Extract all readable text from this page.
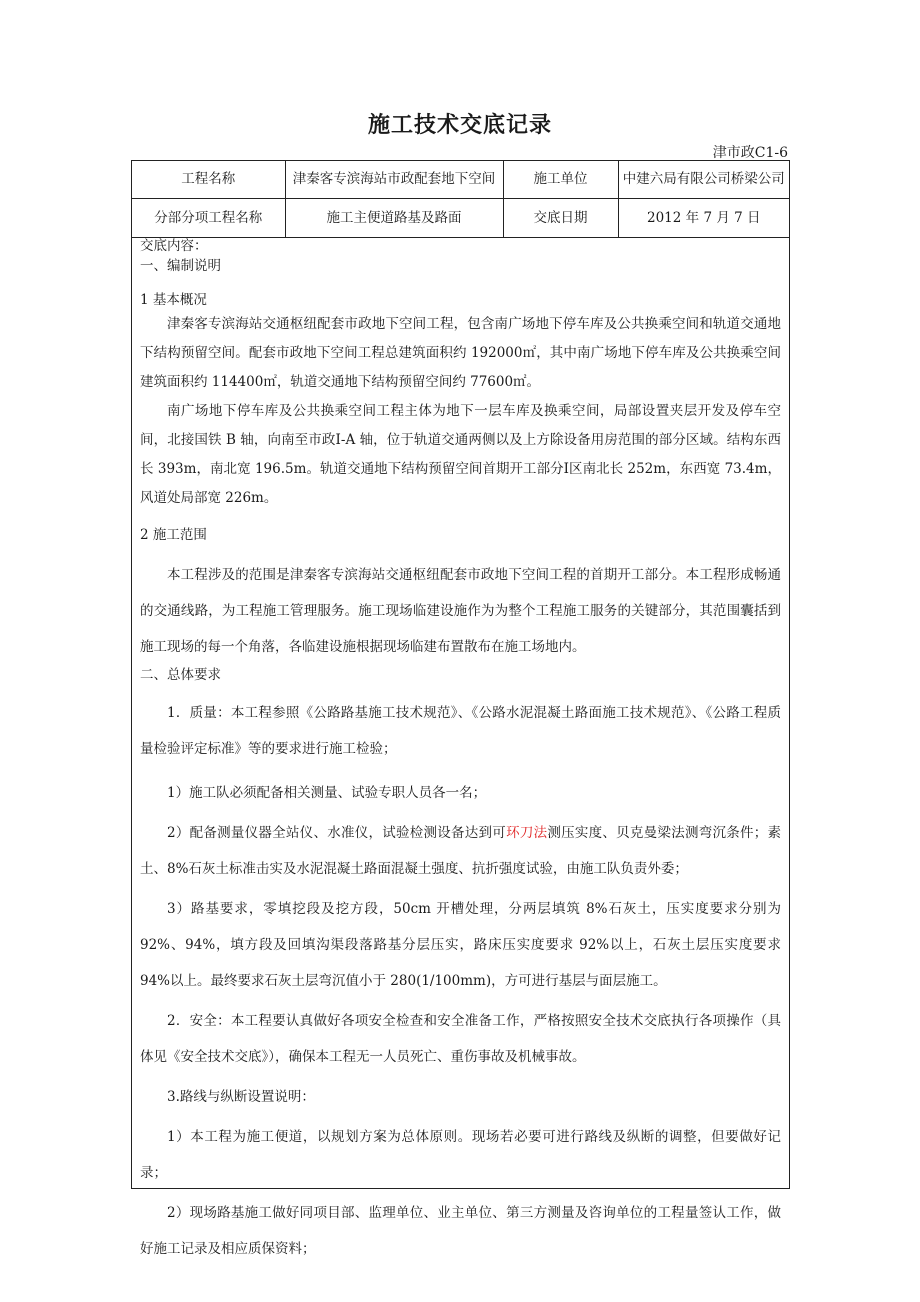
施工技术交底记录
津市政C1-6
工程名称	津秦客专滨海站市政配套地下空间	施工单位	中建六局有限公司桥梁公司
分部分项工程名称	施工主便道路基及路面	交底日期	2012 年 7 月 7 日

交底内容：

一、编制说明

1 基本概况

津秦客专滨海站交通枢纽配套市政地下空间工程，包含南广场地下停车库及公共换乘空间和轨道交通地下结构预留空间。配套市政地下空间工程总建筑面积约 192000㎡，其中南广场地下停车库及公共换乘空间建筑面积约 114400㎡，轨道交通地下结构预留空间约 77600㎡。

南广场地下停车库及公共换乘空间工程主体为地下一层车库及换乘空间，局部设置夹层开发及停车空间，北接国铁 B 轴，向南至市政Ⅰ-A 轴，位于轨道交通两侧以及上方除设备用房范围的部分区域。结构东西长 393m，南北宽 196.5m。轨道交通地下结构预留空间首期开工部分Ⅰ区南北长 252m，东西宽 73.4m，风道处局部宽 226m。

2 施工范围

本工程涉及的范围是津秦客专滨海站交通枢纽配套市政地下空间工程的首期开工部分。本工程形成畅通的交通线路，为工程施工管理服务。施工现场临建设施作为为整个工程施工服务的关键部分，其范围囊括到施工现场的每一个角落，各临建设施根据现场临建布置散布在施工场地内。

二、总体要求

1．质量：本工程参照《公路路基施工技术规范》、《公路水泥混凝土路面施工技术规范》、《公路工程质量检验评定标准》等的要求进行施工检验；

1）施工队必须配备相关测量、试验专职人员各一名；

2）配备测量仪器全站仪、水准仪，试验检测设备达到可环刀法测压实度、贝克曼梁法测弯沉条件；素土、8%石灰土标准击实及水泥混凝土路面混凝土强度、抗折强度试验，由施工队负责外委；

3）路基要求，零填挖段及挖方段，50cm 开槽处理，分两层填筑 8%石灰土，压实度要求分别为 92%、94%，填方段及回填沟渠段落路基分层压实，路床压实度要求 92%以上，石灰土层压实度要求 94%以上。最终要求石灰土层弯沉值小于 280(1/100mm)，方可进行基层与面层施工。

2．安全：本工程要认真做好各项安全检查和安全准备工作，严格按照安全技术交底执行各项操作（具体见《安全技术交底》），确保本工程无一人员死亡、重伤事故及机械事故。

3.路线与纵断设置说明：

1）本工程为施工便道，以规划方案为总体原则。现场若必要可进行路线及纵断的调整，但要做好记录；

2）现场路基施工做好同项目部、监理单位、业主单位、第三方测量及咨询单位的工程量签认工作，做好施工记录及相应质保资料；
